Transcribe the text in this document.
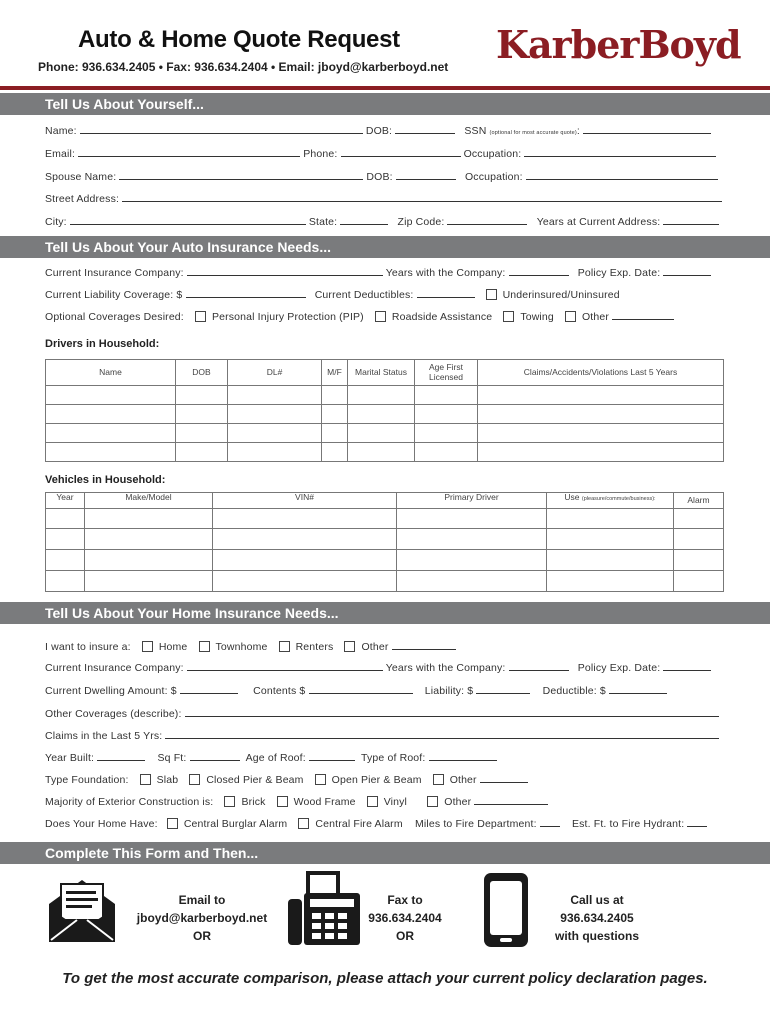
Auto & Home Quote Request
Phone: 936.634.2405 • Fax: 936.634.2404 • Email: jboyd@karberboyd.net KarberBoyd
Tell Us About Yourself...
Name:	DOB:	SSN (optional for most accurate quote):
Email:	Phone:	Occupation:
Spouse Name:	DOB:	Occupation:
Street Address:
City:	State:	Zip Code:	Years at Current Address:
Tell Us About Your Auto Insurance Needs...
Current Insurance Company:	Years with the Company:	Policy Exp. Date:
Current Liability Coverage: $	Current Deductibles:	Underinsured/Uninsured
Optional Coverages Desired:	Personal Injury Protection (PIP)	Roadside Assistance	Towing	Other
Drivers in Household:
Name	DOB	DL#	M/F	Marital Status	Age First Licensed	Claims/Accidents/Violations Last 5 Years

Vehicles in Household:
Year	Make/Model	VIN#	Primary Driver	Use (pleasure/commute/business):	Alarm

Tell Us About Your Home Insurance Needs...
I want to insure a:	Home	Townhome	Renters	Other
Current Insurance Company:	Years with the Company:	Policy Exp. Date:
Current Dwelling Amount: $	Contents $	Liability: $	Deductible: $
Other Coverages (describe):
Claims in the Last 5 Yrs:
Year Built:	Sq Ft:	Age of Roof:	Type of Roof:
Type Foundation:	Slab	Closed Pier & Beam	Open Pier & Beam	Other
Majority of Exterior Construction is:	Brick	Wood Frame	Vinyl	Other
Does Your Home Have: Central Burglar Alarm	Central Fire Alarm Miles to Fire Department:	Est. Ft. to Fire Hydrant:
Complete This Form and Then...
Email to
jboyd@karberboyd.net
OR
Fax to
936.634.2404
OR
Call us at
936.634.2405
with questions
To get the most accurate comparison, please attach your current policy declaration pages.
